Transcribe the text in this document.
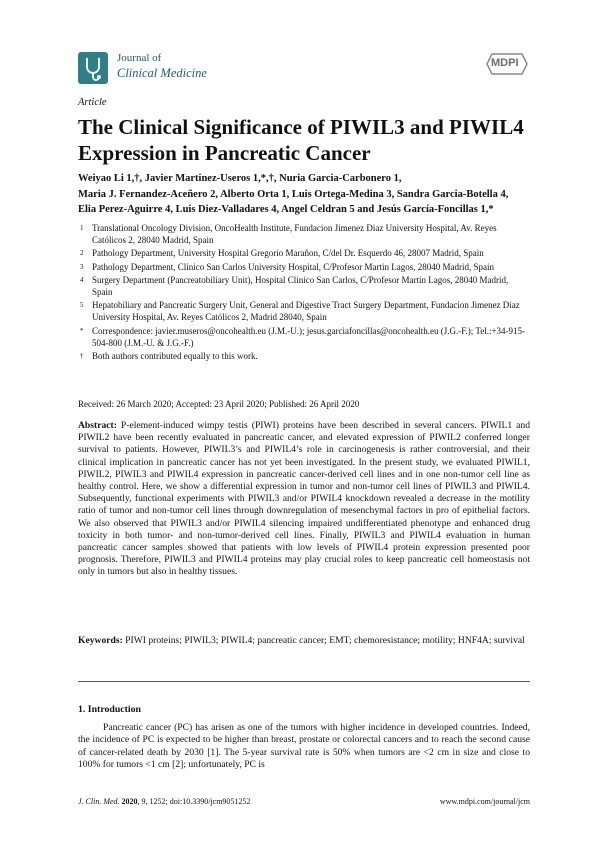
Journal of
Clinical Medicine
MDPI
Article
The Clinical Significance of PIWIL3 and PIWIL4 Expression in Pancreatic Cancer
Weiyao Li 1,†, Javier Martinez-Useros 1,*,†, Nuria Garcia-Carbonero 1,
Maria J. Fernandez-Aceñero 2, Alberto Orta 1, Luis Ortega-Medina 3, Sandra Garcia-Botella 4,
Elia Perez-Aguirre 4, Luis Diez-Valladares 4, Angel Celdran 5 and Jesús García-Foncillas 1,*
1 Translational Oncology Division, OncoHealth Institute, Fundacion Jimenez Diaz University Hospital, Av. Reyes Católicos 2, 28040 Madrid, Spain
2 Pathology Department, University Hospital Gregorio Marañon, C/del Dr. Esquerdo 46, 28007 Madrid, Spain
3 Pathology Department, Clinico San Carlos University Hospital, C/Profesor Martin Lagos, 28040 Madrid, Spain
4 Surgery Department (Pancreatobiliary Unit), Hospital Clinico San Carlos, C/Profesor Martin Lagos, 28040 Madrid, Spain
5 Hepatobiliary and Pancreatic Surgery Unit, General and Digestive Tract Surgery Department, Fundacion Jimenez Diaz University Hospital, Av. Reyes Católicos 2, Madrid 28040, Spain
* Correspondence: javier.museros@oncohealth.eu (J.M.-U.); jesus.garciafoncillas@oncohealth.eu (J.G.-F.); Tel.:+34-915-504-800 (J.M.-U. & J.G.-F.)
† Both authors contributed equally to this work.
Received: 26 March 2020; Accepted: 23 April 2020; Published: 26 April 2020
Abstract: P-element-induced wimpy testis (PIWI) proteins have been described in several cancers. PIWIL1 and PIWIL2 have been recently evaluated in pancreatic cancer, and elevated expression of PIWIL2 conferred longer survival to patients. However, PIWIL3’s and PIWIL4’s role in carcinogenesis is rather controversial, and their clinical implication in pancreatic cancer has not yet been investigated. In the present study, we evaluated PIWIL1, PIWIL2, PIWIL3 and PIWIL4 expression in pancreatic cancer-derived cell lines and in one non-tumor cell line as healthy control. Here, we show a differential expression in tumor and non-tumor cell lines of PIWIL3 and PIWIL4. Subsequently, functional experiments with PIWIL3 and/or PIWIL4 knockdown revealed a decrease in the motility ratio of tumor and non-tumor cell lines through downregulation of mesenchymal factors in pro of epithelial factors. We also observed that PIWIL3 and/or PIWIL4 silencing impaired undifferentiated phenotype and enhanced drug toxicity in both tumor- and non-tumor-derived cell lines. Finally, PIWIL3 and PIWIL4 evaluation in human pancreatic cancer samples showed that patients with low levels of PIWIL4 protein expression presented poor prognosis. Therefore, PIWIL3 and PIWIL4 proteins may play crucial roles to keep pancreatic cell homeostasis not only in tumors but also in healthy tissues.
Keywords: PIWI proteins; PIWIL3; PIWIL4; pancreatic cancer; EMT; chemoresistance; motility; HNF4A; survival
1. Introduction
Pancreatic cancer (PC) has arisen as one of the tumors with higher incidence in developed countries. Indeed, the incidence of PC is expected to be higher than breast, prostate or colorectal cancers and to reach the second cause of cancer-related death by 2030 [1]. The 5-year survival rate is 50% when tumors are <2 cm in size and close to 100% for tumors <1 cm [2]; unfortunately, PC is
J. Clin. Med. 2020, 9, 1252; doi:10.3390/jcm9051252	www.mdpi.com/journal/jcm
